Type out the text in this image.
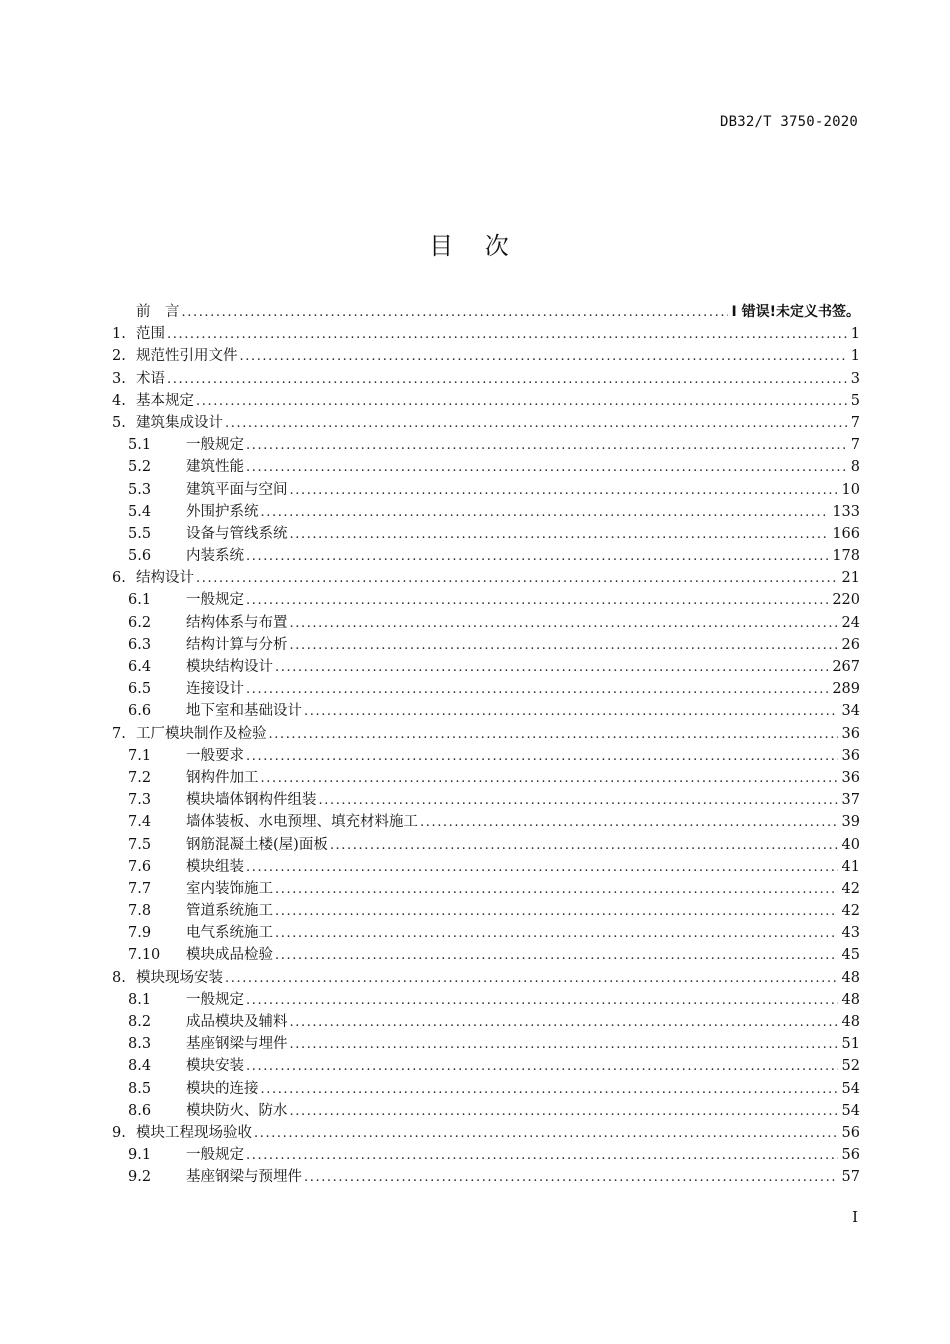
DB32/T 3750-2020
目 次
前　言 .....	I 错误!未定义书签。
1. 范围 .....	1
2. 规范性引用文件 .....	1
3. 术语 .....	3
4. 基本规定 .....	5
5. 建筑集成设计 .....	7
5.1	一般规定 .....	7
5.2	建筑性能 .....	8
5.3	建筑平面与空间 .....	10
5.4	外围护系统 .....	133
5.5	设备与管线系统 .....	166
5.6	内装系统 .....	178
6. 结构设计 .....	21
6.1	一般规定 .....	220
6.2	结构体系与布置 .....	24
6.3	结构计算与分析 .....	26
6.4	模块结构设计 .....	267
6.5	连接设计 .....	289
6.6	地下室和基础设计 .....	34
7. 工厂模块制作及检验 .....	36
7.1	一般要求 .....	36
7.2	钢构件加工 .....	36
7.3	模块墙体钢构件组装 .....	37
7.4	墙体装板、水电预埋、填充材料施工 .....	39
7.5	钢筋混凝土楼(屋)面板 .....	40
7.6	模块组装 .....	41
7.7	室内装饰施工 .....	42
7.8	管道系统施工 .....	42
7.9	电气系统施工 .....	43
7.10	模块成品检验 .....	45
8. 模块现场安装 .....	48
8.1	一般规定 .....	48
8.2	成品模块及辅料 .....	48
8.3	基座钢梁与埋件 .....	51
8.4	模块安装 .....	52
8.5	模块的连接 .....	54
8.6	模块防火、防水 .....	54
9. 模块工程现场验收 .....	56
9.1	一般规定 .....	56
9.2	基座钢梁与预埋件 .....	57
I
